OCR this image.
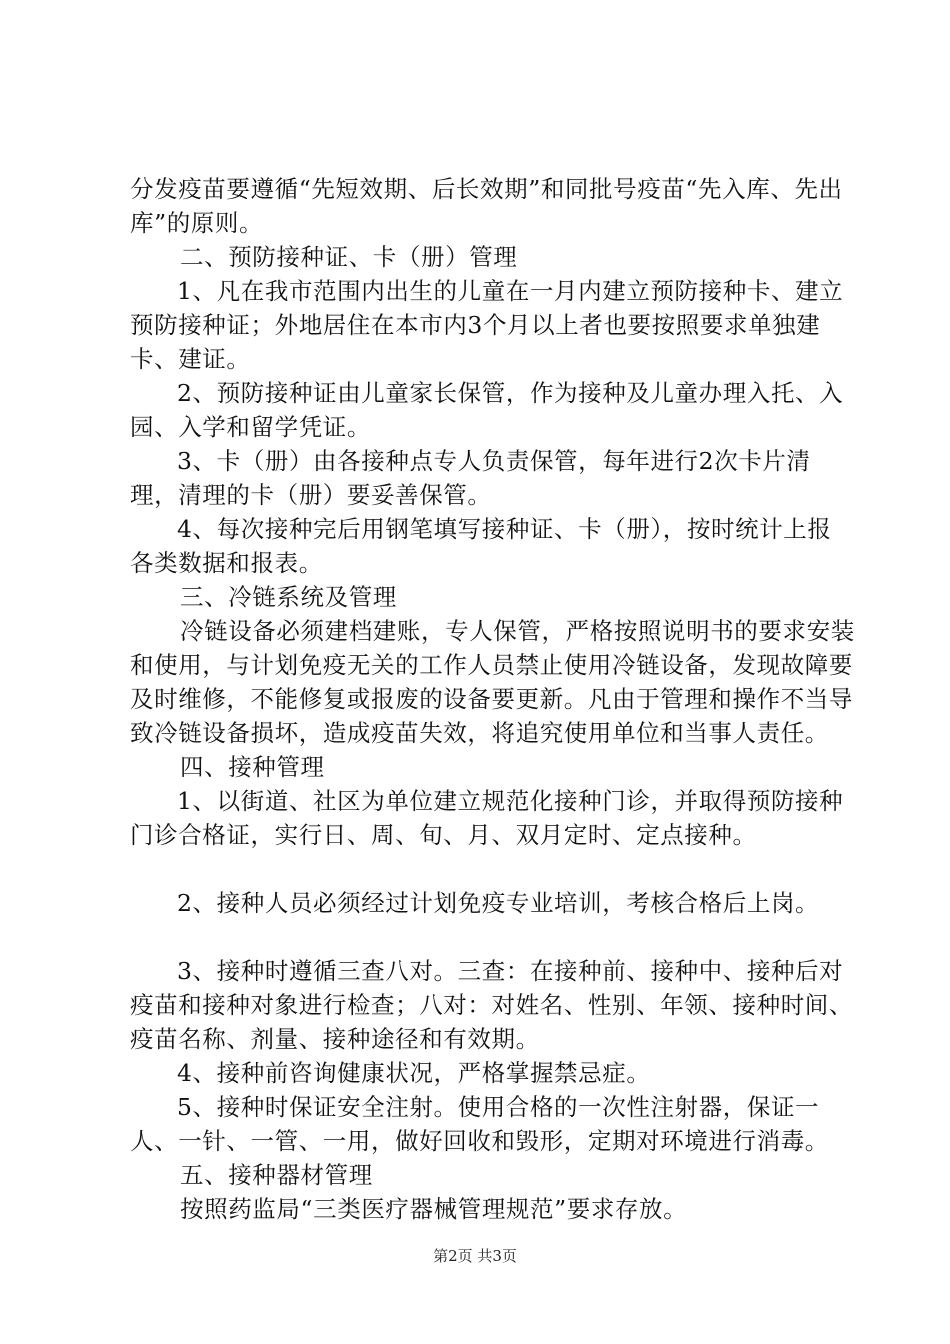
分发疫苗要遵循“先短效期、后长效期”和同批号疫苗“先入库、先出库”的原则。

二、预防接种证、卡（册）管理

1、凡在我市范围内出生的儿童在一月内建立预防接种卡、建立预防接种证；外地居住在本市内3个月以上者也要按照要求单独建卡、建证。

2、预防接种证由儿童家长保管，作为接种及儿童办理入托、入园、入学和留学凭证。

3、卡（册）由各接种点专人负责保管，每年进行2次卡片清理，清理的卡（册）要妥善保管。

4、每次接种完后用钢笔填写接种证、卡（册），按时统计上报各类数据和报表。

三、冷链系统及管理

冷链设备必须建档建账，专人保管，严格按照说明书的要求安装和使用，与计划免疫无关的工作人员禁止使用冷链设备，发现故障要及时维修，不能修复或报废的设备要更新。凡由于管理和操作不当导致冷链设备损坏，造成疫苗失效，将追究使用单位和当事人责任。

四、接种管理

1、以街道、社区为单位建立规范化接种门诊，并取得预防接种门诊合格证，实行日、周、旬、月、双月定时、定点接种。

2、接种人员必须经过计划免疫专业培训，考核合格后上岗。

3、接种时遵循三查八对。三查：在接种前、接种中、接种后对疫苗和接种对象进行检查；八对：对姓名、性别、年领、接种时间、疫苗名称、剂量、接种途径和有效期。

4、接种前咨询健康状况，严格掌握禁忌症。

5、接种时保证安全注射。使用合格的一次性注射器，保证一人、一针、一管、一用，做好回收和毁形，定期对环境进行消毒。

五、接种器材管理

按照药监局“三类医疗器械管理规范”要求存放。

第2页 共3页
